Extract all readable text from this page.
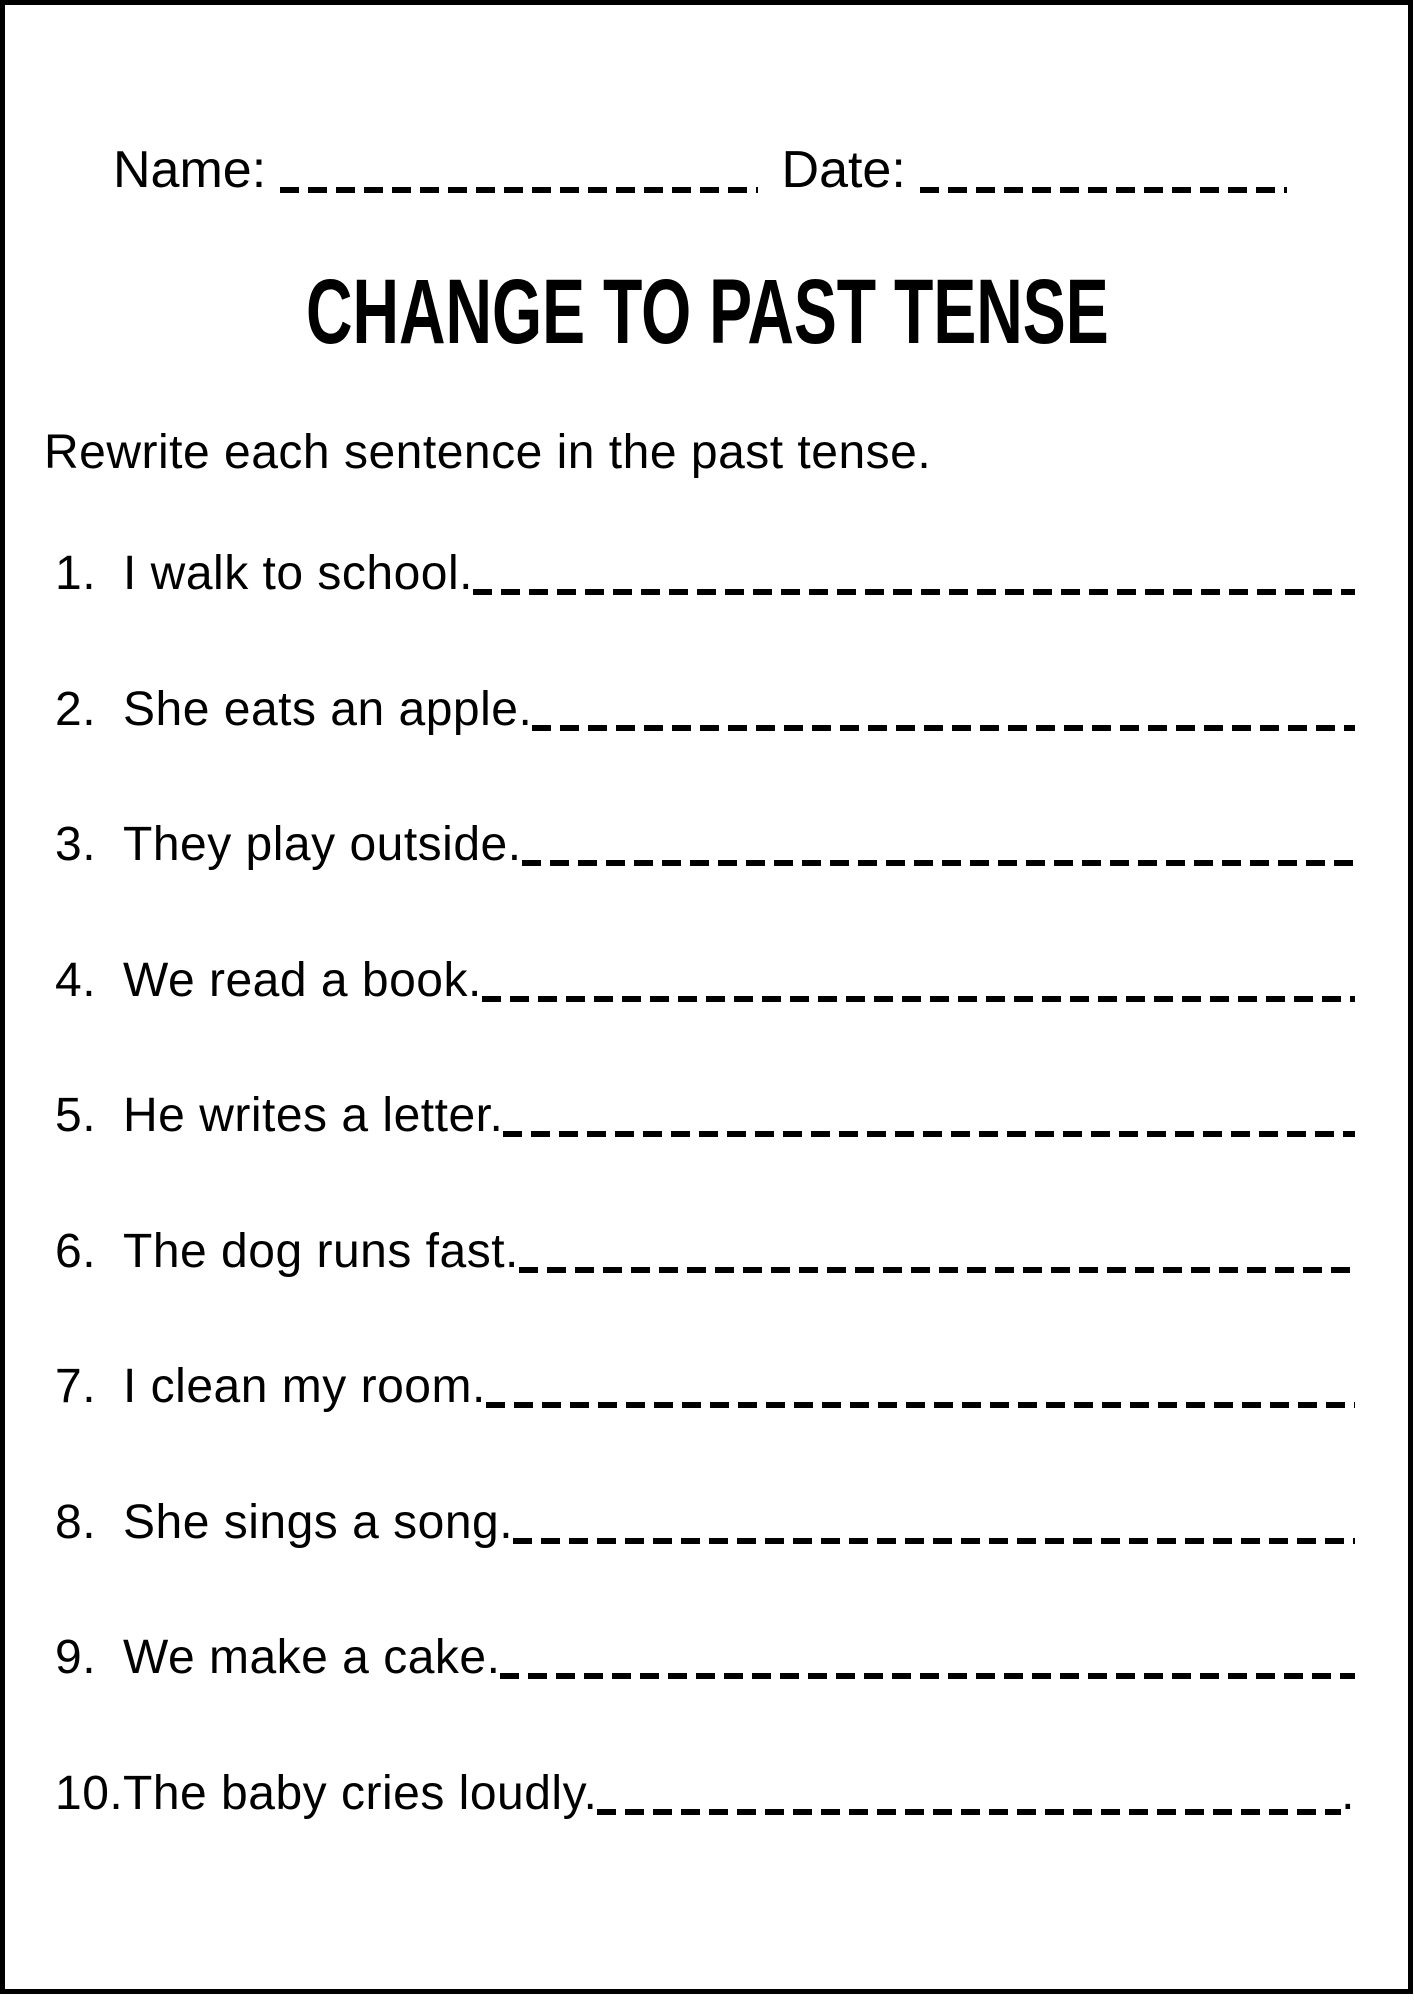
Name:	Date:
CHANGE TO PAST TENSE
Rewrite each sentence in the past tense.
1. I walk to school.
2. She eats an apple.
3. They play outside.
4. We read a book.
5. He writes a letter.
6. The dog runs fast.
7. I clean my room.
8. She sings a song.
9. We make a cake.
10. The baby cries loudly.	.
